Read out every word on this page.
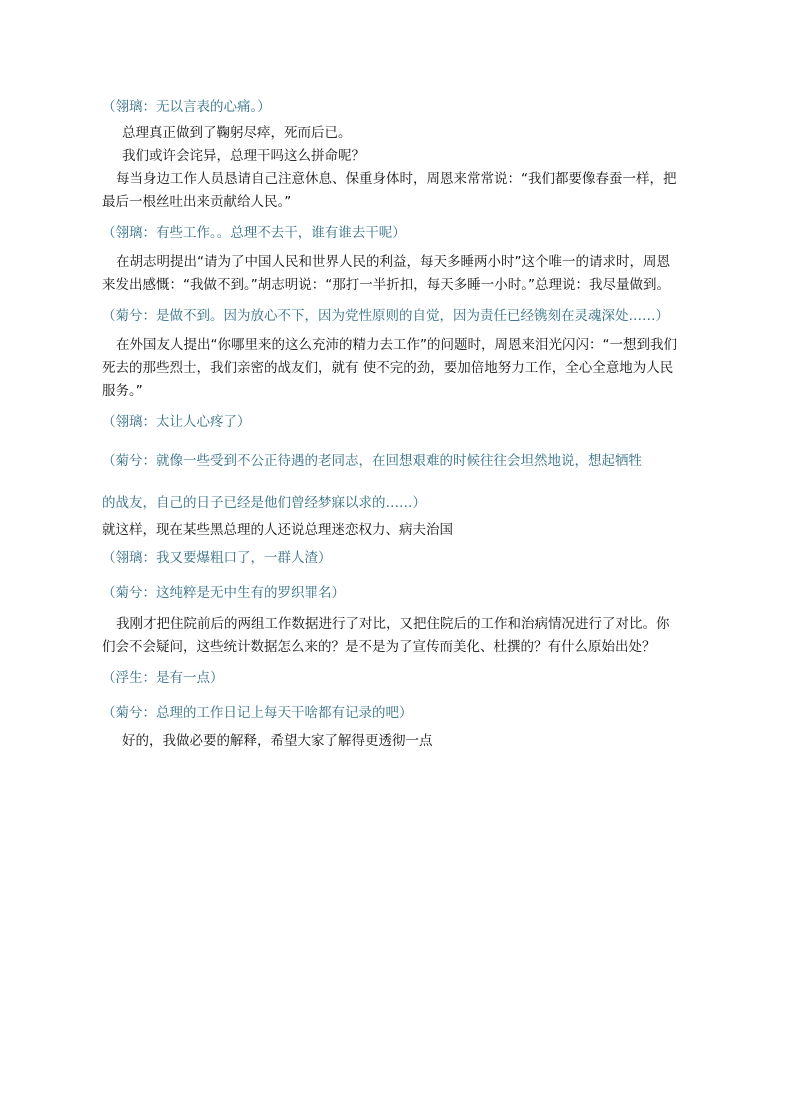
（翎璃：无以言表的心痛。）

总理真正做到了鞠躬尽瘁，死而后已。

我们或许会诧异，总理干吗这么拼命呢？

每当身边工作人员恳请自己注意休息、保重身体时，周恩来常常说：“我们都要像春蚕一样，把最后一根丝吐出来贡献给人民。”

（翎璃：有些工作。。总理不去干，谁有谁去干呢）

在胡志明提出“请为了中国人民和世界人民的利益，每天多睡两小时”这个唯一的请求时，周恩来发出感慨：“我做不到。”胡志明说：“那打一半折扣，每天多睡一小时。”总理说：我尽量做到。

（菊兮：是做不到。因为放心不下，因为党性原则的自觉，因为责任已经镌刻在灵魂深处……）

在外国友人提出“你哪里来的这么充沛的精力去工作”的问题时，周恩来泪光闪闪：“一想到我们死去的那些烈士，我们亲密的战友们，就有 使不完的劲，要加倍地努力工作，全心全意地为人民服务。”

（翎璃：太让人心疼了）

（菊兮：就像一些受到不公正待遇的老同志，在回想艰难的时候往往会坦然地说，想起牺牲

的战友，自己的日子已经是他们曾经梦寐以求的……）

就这样，现在某些黑总理的人还说总理迷恋权力、病夫治国

（翎璃：我又要爆粗口了，一群人渣）

（菊兮：这纯粹是无中生有的罗织罪名）

我刚才把住院前后的两组工作数据进行了对比，又把住院后的工作和治病情况进行了对比。你们会不会疑问，这些统计数据怎么来的？是不是为了宣传而美化、杜撰的？有什么原始出处？

（浮生：是有一点）

（菊兮：总理的工作日记上每天干啥都有记录的吧）

好的，我做必要的解释，希望大家了解得更透彻一点
